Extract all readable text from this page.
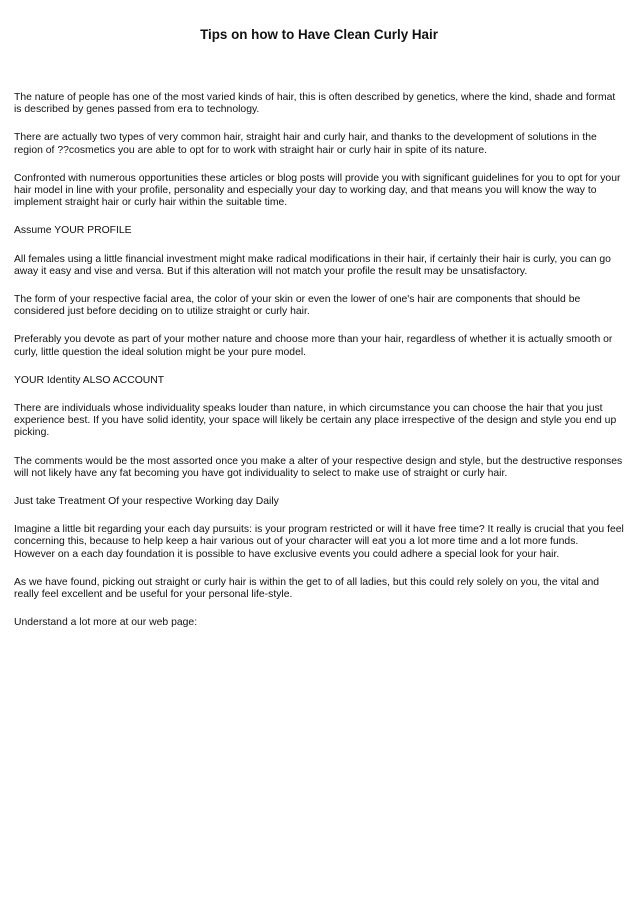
Tips on how to Have Clean Curly Hair

The nature of people has one of the most varied kinds of hair, this is often described by genetics, where the kind, shade and format is described by genes passed from era to technology.

There are actually two types of very common hair, straight hair and curly hair, and thanks to the development of solutions in the region of ??cosmetics you are able to opt for to work with straight hair or curly hair in spite of its nature.

Confronted with numerous opportunities these articles or blog posts will provide you with significant guidelines for you to opt for your hair model in line with your profile, personality and especially your day to working day, and that means you will know the way to implement straight hair or curly hair within the suitable time.

Assume YOUR PROFILE

All females using a little financial investment might make radical modifications in their hair, if certainly their hair is curly, you can go away it easy and vise and versa. But if this alteration will not match your profile the result may be unsatisfactory.

The form of your respective facial area, the color of your skin or even the lower of one's hair are components that should be considered just before deciding on to utilize straight or curly hair.

Preferably you devote as part of your mother nature and choose more than your hair, regardless of whether it is actually smooth or curly, little question the ideal solution might be your pure model.

YOUR Identity ALSO ACCOUNT

There are individuals whose individuality speaks louder than nature, in which circumstance you can choose the hair that you just experience best. If you have solid identity, your space will likely be certain any place irrespective of the design and style you end up picking.

The comments would be the most assorted once you make a alter of your respective design and style, but the destructive responses will not likely have any fat becoming you have got individuality to select to make use of straight or curly hair.

Just take Treatment Of your respective Working day Daily

Imagine a little bit regarding your each day pursuits: is your program restricted or will it have free time? It really is crucial that you feel concerning this, because to help keep a hair various out of your character will eat you a lot more time and a lot more funds.

However on a each day foundation it is possible to have exclusive events you could adhere a special look for your hair.

As we have found, picking out straight or curly hair is within the get to of all ladies, but this could rely solely on you, the vital and really feel excellent and be useful for your personal life-style.

Understand a lot more at our web page:
